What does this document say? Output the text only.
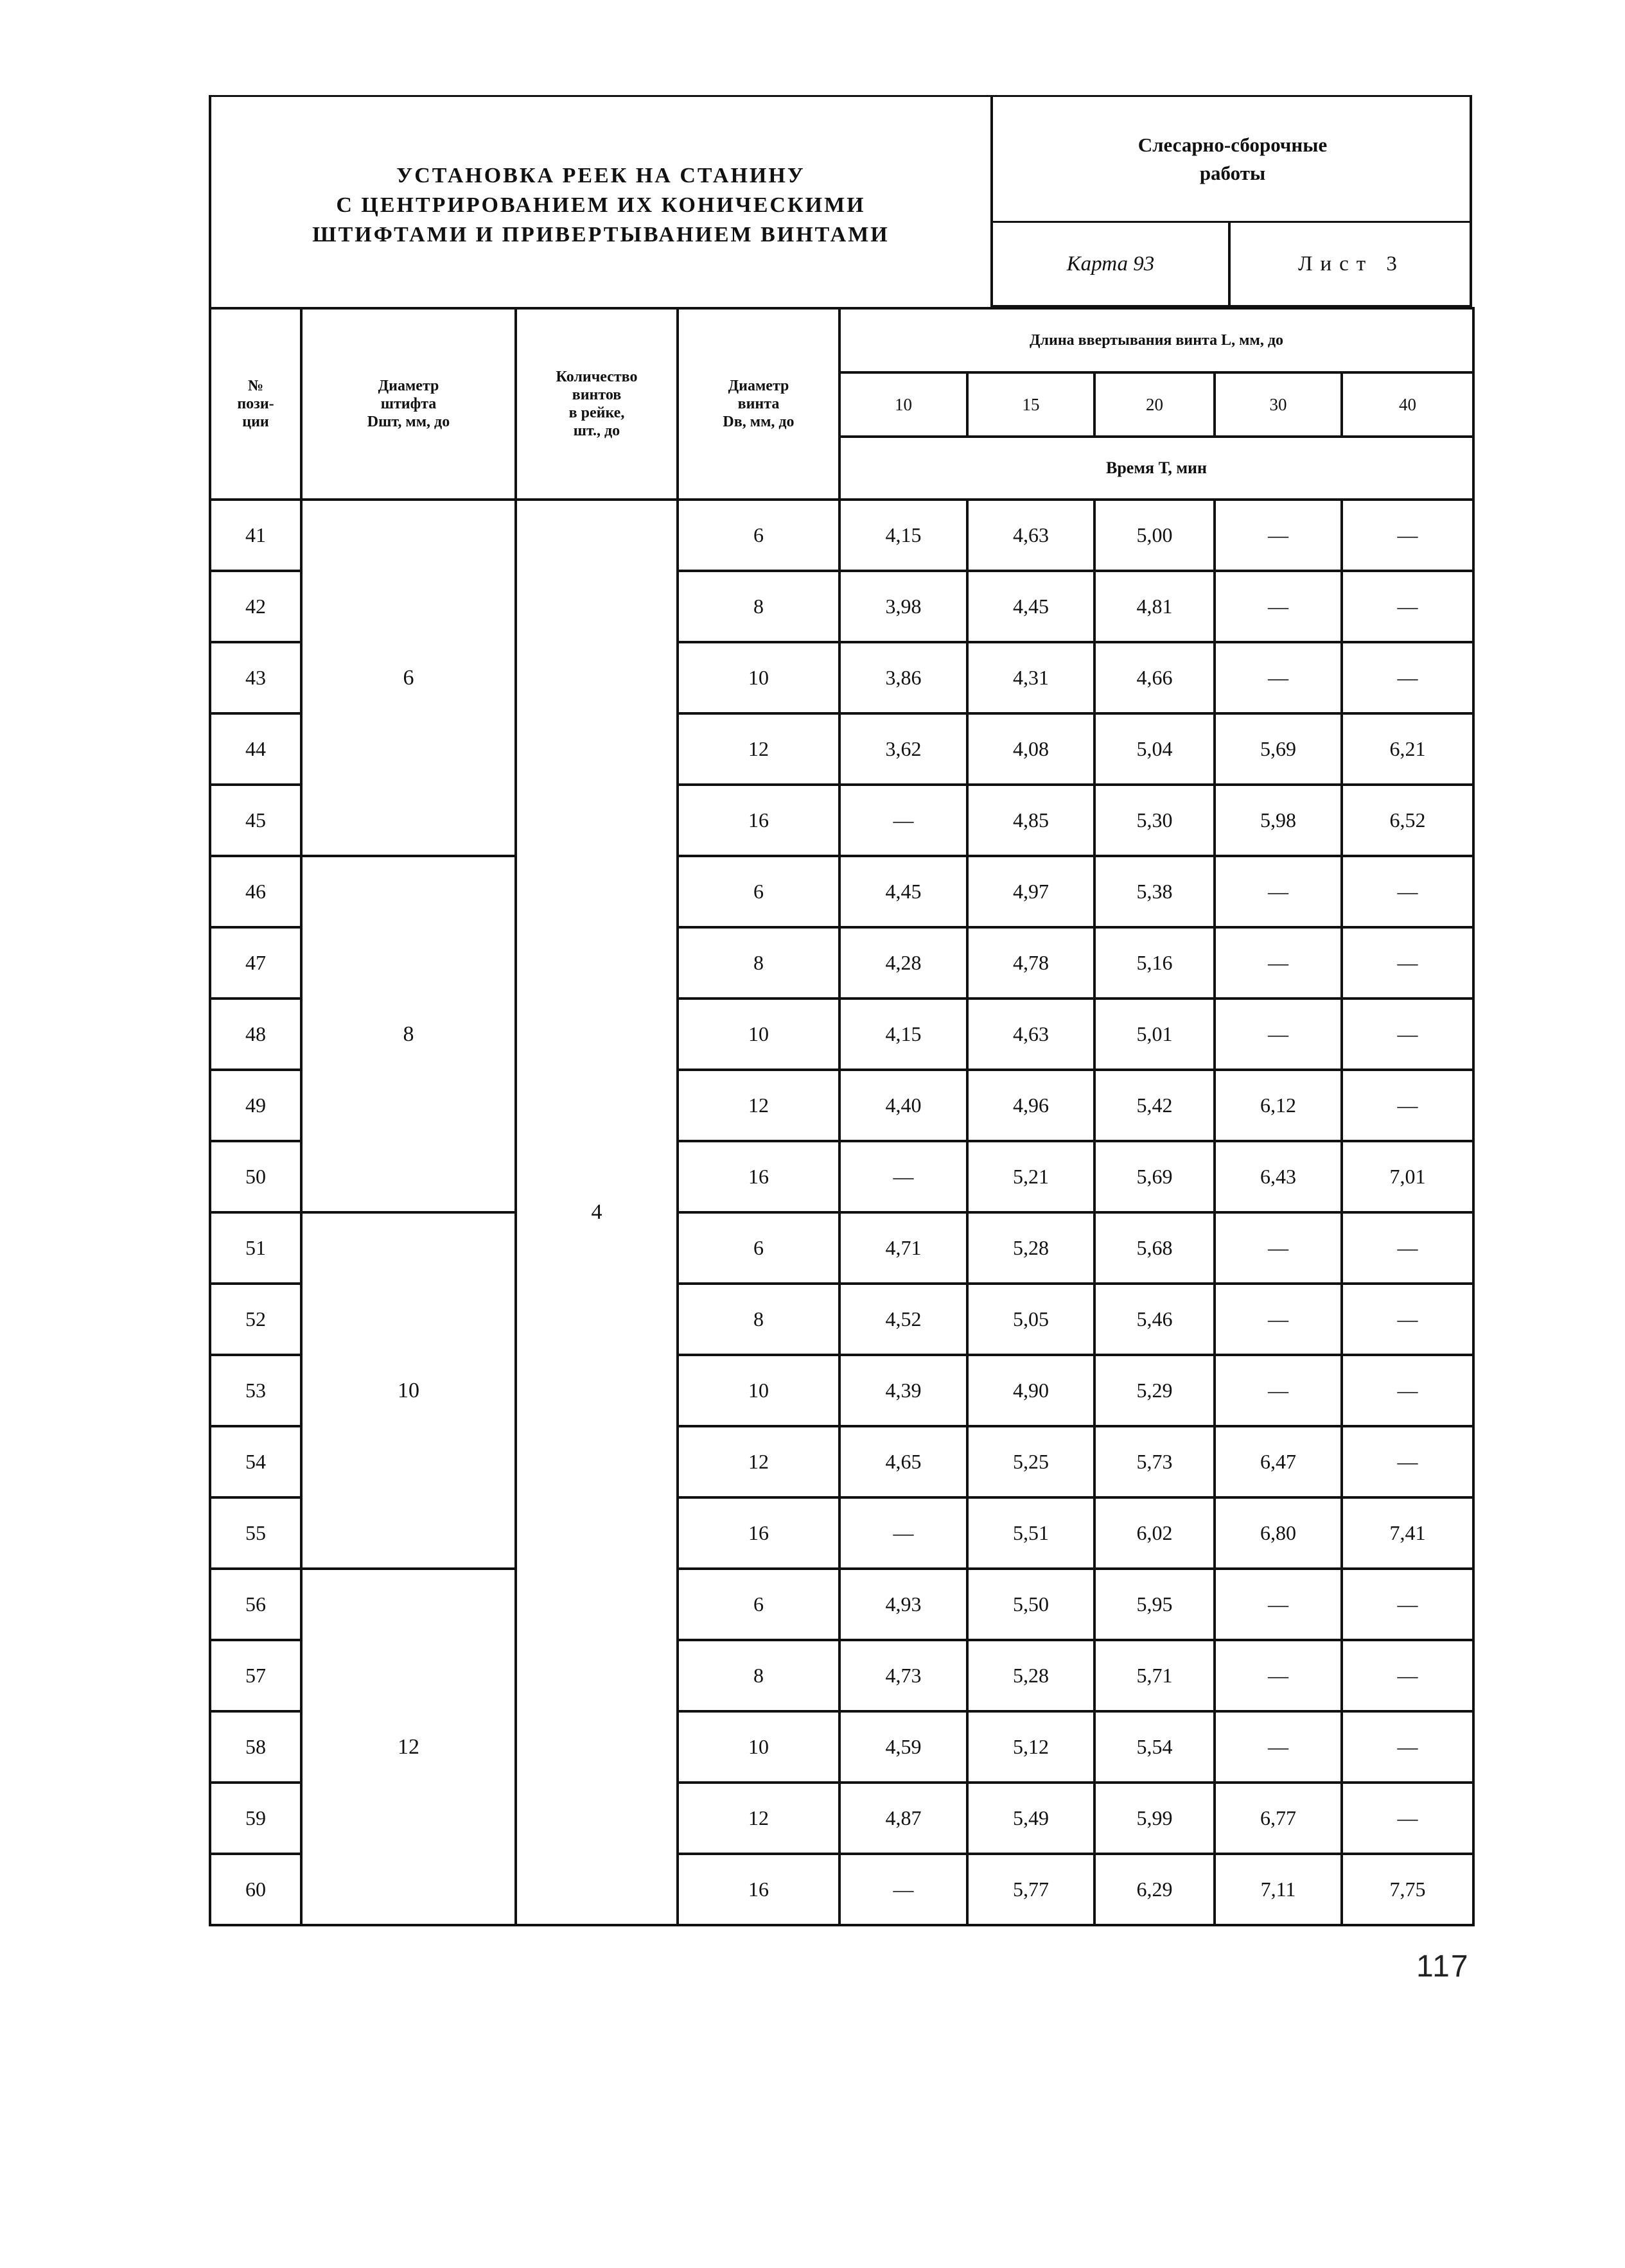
УСТАНОВКА РЕЕК НА СТАНИНУ
С ЦЕНТРИРОВАНИЕМ ИХ КОНИЧЕСКИМИ
ШТИФТАМИ И ПРИВЕРТЫВАНИЕМ ВИНТАМИ
Слесарно-сборочные
работы
Карта 93	Лист 3
№
пози-
ции	Диаметр
штифта
Dшт, мм, до	Количество
винтов
в рейке,
шт., до	Диаметр
винта
Dв, мм, до	Длина ввертывания винта L, мм, до				
				10	15	20	30	40
				Время Т, мин				
41	6	4	6	4,15	4,63	5,00	—	—
42			8	3,98	4,45	4,81	—	—
43			10	3,86	4,31	4,66	—	—
44			12	3,62	4,08	5,04	5,69	6,21
45			16	—	4,85	5,30	5,98	6,52
46	8		6	4,45	4,97	5,38	—	—
47			8	4,28	4,78	5,16	—	—
48			10	4,15	4,63	5,01	—	—
49			12	4,40	4,96	5,42	6,12	—
50			16	—	5,21	5,69	6,43	7,01
51	10		6	4,71	5,28	5,68	—	—
52			8	4,52	5,05	5,46	—	—
53			10	4,39	4,90	5,29	—	—
54			12	4,65	5,25	5,73	6,47	—
55			16	—	5,51	6,02	6,80	7,41
56	12		6	4,93	5,50	5,95	—	—
57			8	4,73	5,28	5,71	—	—
58			10	4,59	5,12	5,54	—	—
59			12	4,87	5,49	5,99	6,77	—
60			16	—	5,77	6,29	7,11	7,75
117
